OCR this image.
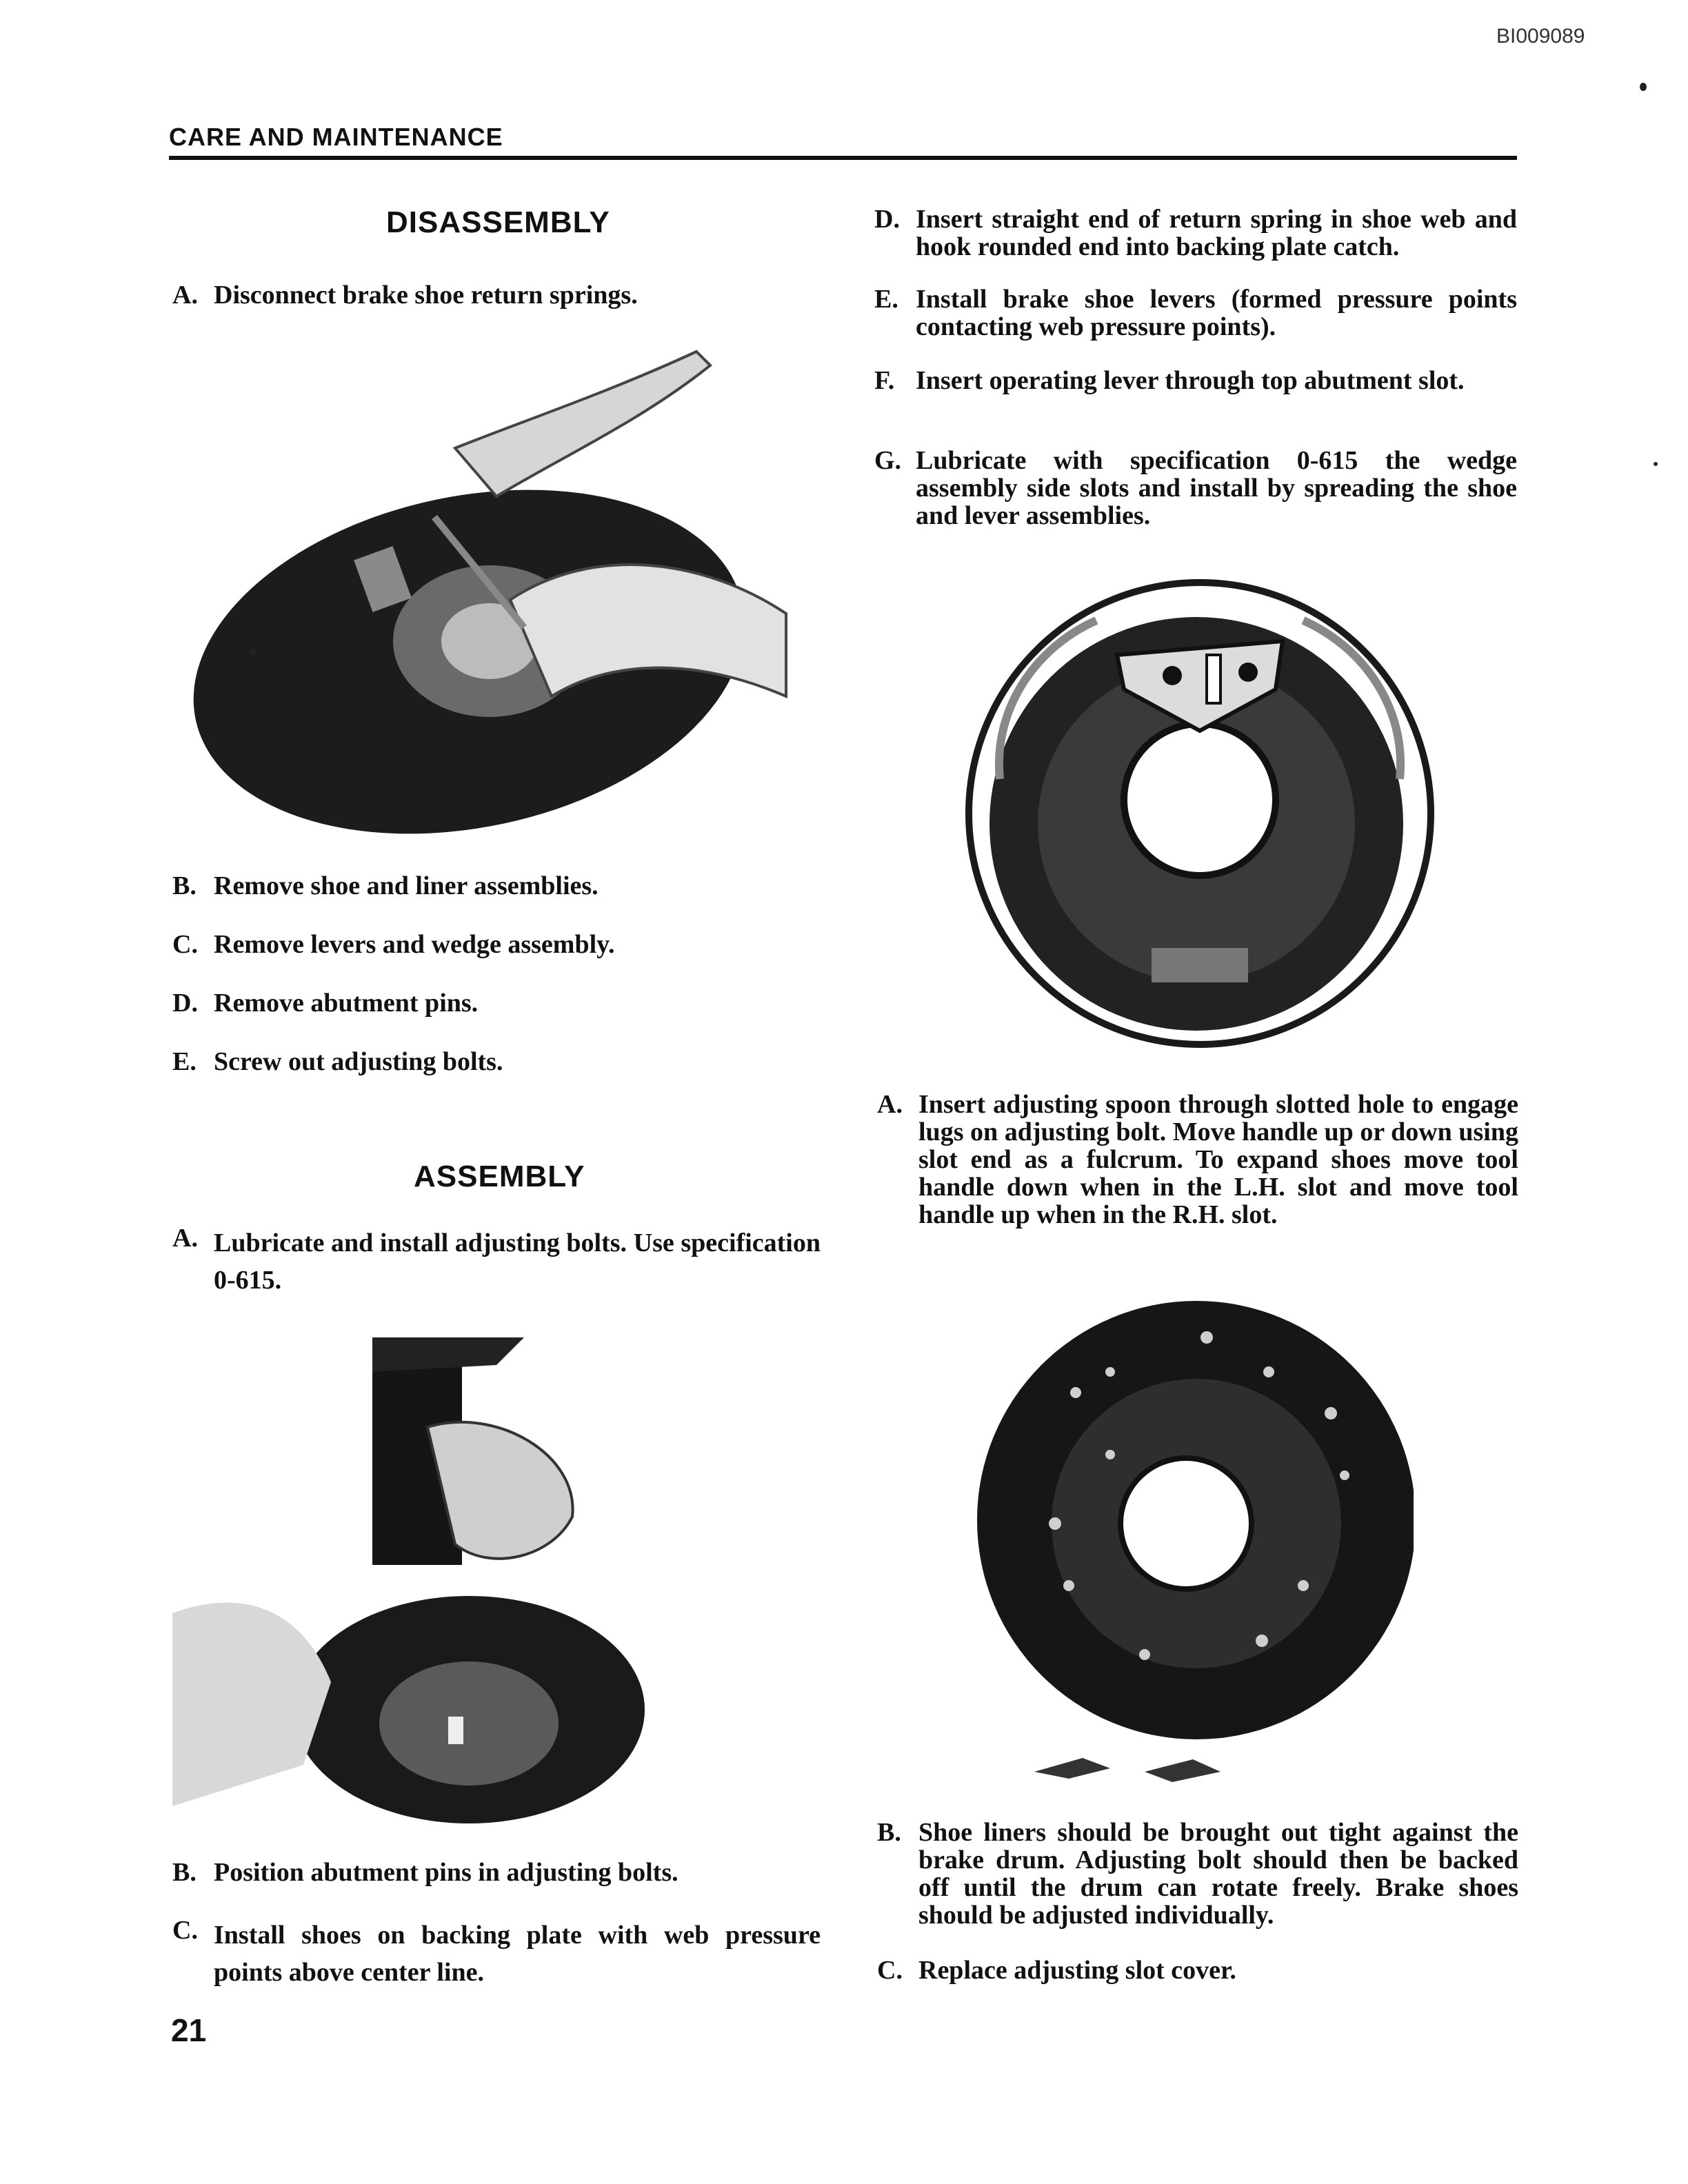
BI009089
CARE AND MAINTENANCE
DISASSEMBLY
A. Disconnect brake shoe return springs.
B. Remove shoe and liner assemblies.
C. Remove levers and wedge assembly.
D. Remove abutment pins.
E. Screw out adjusting bolts.
ASSEMBLY
A. Lubricate and install adjusting bolts. Use specification 0-615.
B. Position abutment pins in adjusting bolts.
C. Install shoes on backing plate with web pressure points above center line.
21
D. Insert straight end of return spring in shoe web and hook rounded end into backing plate catch.
E. Install brake shoe levers (formed pressure points contacting web pressure points).
F. Insert operating lever through top abutment slot.
G. Lubricate with specification 0-615 the wedge assembly side slots and install by spreading the shoe and lever assemblies.
A. Insert adjusting spoon through slotted hole to engage lugs on adjusting bolt. Move handle up or down using slot end as a fulcrum. To expand shoes move tool handle down when in the L.H. slot and move tool handle up when in the R.H. slot.
B. Shoe liners should be brought out tight against the brake drum. Adjusting bolt should then be backed off until the drum can rotate freely. Brake shoes should be adjusted individually.
C. Replace adjusting slot cover.
